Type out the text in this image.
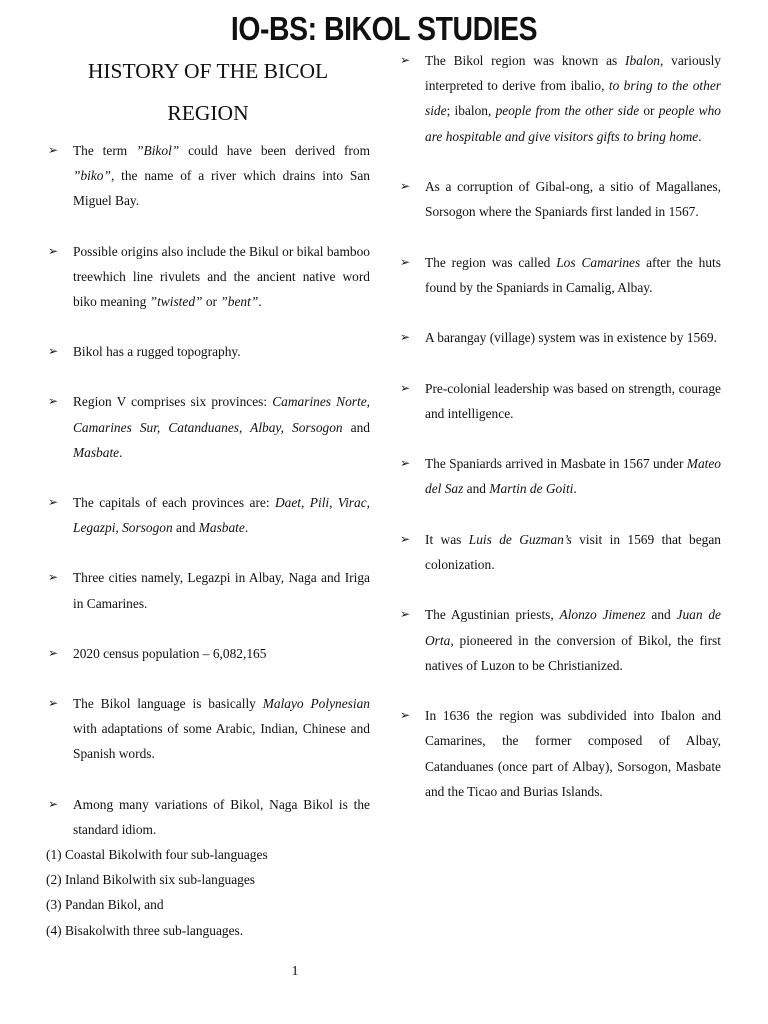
IO-BS: BIKOL STUDIES
HISTORY OF THE BICOL REGION
➢ The term ”Bikol” could have been derived from ”biko”, the name of a river which drains into San Miguel Bay.
➢ Possible origins also include the Bikul or bikal bamboo treewhich line rivulets and the ancient native word biko meaning ”twisted” or ”bent”.
➢ Bikol has a rugged topography.
➢ Region V comprises six provinces: Camarines Norte, Camarines Sur, Catanduanes, Albay, Sorsogon and Masbate.
➢ The capitals of each provinces are: Daet, Pili, Virac, Legazpi, Sorsogon and Masbate.
➢ Three cities namely, Legazpi in Albay, Naga and Iriga in Camarines.
➢ 2020 census population – 6,082,165
➢ The Bikol language is basically Malayo Polynesian with adaptations of some Arabic, Indian, Chinese and Spanish words.
➢ Among many variations of Bikol, Naga Bikol is the standard idiom.
(1) Coastal Bikolwith four sub-languages
(2) Inland Bikolwith six sub-languages
(3) Pandan Bikol, and
(4) Bisakolwith three sub-languages.
➢ The Bikol region was known as Ibalon, variously interpreted to derive from ibalio, to bring to the other side; ibalon, people from the other side or people who are hospitable and give visitors gifts to bring home.
➢ As a corruption of Gibal-ong, a sitio of Magallanes, Sorsogon where the Spaniards first landed in 1567.
➢ The region was called Los Camarines after the huts found by the Spaniards in Camalig, Albay.
➢ A barangay (village) system was in existence by 1569.
➢ Pre-colonial leadership was based on strength, courage and intelligence.
➢ The Spaniards arrived in Masbate in 1567 under Mateo del Saz and Martin de Goiti.
➢ It was Luis de Guzman’s visit in 1569 that began colonization.
➢ The Agustinian priests, Alonzo Jimenez and Juan de Orta, pioneered in the conversion of Bikol, the first natives of Luzon to be Christianized.
➢ In 1636 the region was subdivided into Ibalon and Camarines, the former composed of Albay, Catanduanes (once part of Albay), Sorsogon, Masbate and the Ticao and Burias Islands.
1
